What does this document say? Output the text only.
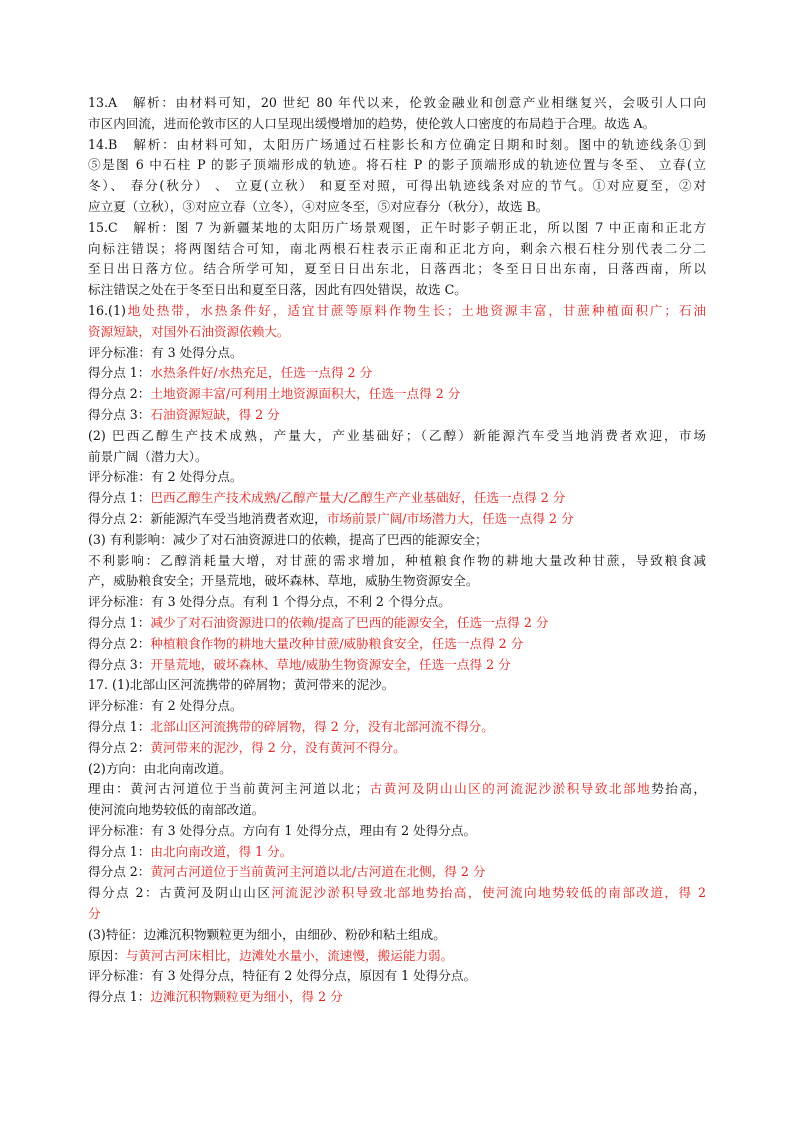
13.A　解析：由材料可知，20 世纪 80 年代以来，伦敦金融业和创意产业相继复兴，会吸引人口向
市区内回流，进而伦敦市区的人口呈现出缓慢增加的趋势，使伦敦人口密度的布局趋于合理。故选 A。
14.B　解析：由材料可知，太阳历广场通过石柱影长和方位确定日期和时刻。图中的轨迹线条①到
⑤是图 6 中石柱 P 的影子顶端形成的轨迹。将石柱 P 的影子顶端形成的轨迹位置与冬至、 立春(立
冬）、 春分(秋分） 、 立夏(立秋） 和夏至对照，可得出轨迹线条对应的节气。①对应夏至，②对
应立夏（立秋），③对应立春（立冬），④对应冬至，⑤对应春分（秋分），故选 B。
15.C　解析：图 7 为新疆某地的太阳历广场景观图，正午时影子朝正北，所以图 7 中正南和正北方
向标注错误；将两图结合可知，南北两根石柱表示正南和正北方向，剩余六根石柱分别代表二分二
至日出日落方位。结合所学可知，夏至日日出东北，日落西北；冬至日日出东南，日落西南，所以
标注错误之处在于冬至日出和夏至日落，因此有四处错误，故选 C。
16.(1)地处热带，水热条件好，适宜甘蔗等原料作物生长；土地资源丰富，甘蔗种植面积广；石油
资源短缺，对国外石油资源依赖大。
评分标准：有 3 处得分点。
得分点 1：水热条件好/水热充足，任选一点得 2 分
得分点 2：土地资源丰富/可利用土地资源面积大，任选一点得 2 分
得分点 3：石油资源短缺，得 2 分
(2) 巴西乙醇生产技术成熟，产量大，产业基础好；（乙醇）新能源汽车受当地消费者欢迎，市场
前景广阔（潜力大）。
评分标准：有 2 处得分点。
得分点 1：巴西乙醇生产技术成熟/乙醇产量大/乙醇生产产业基础好，任选一点得 2 分
得分点 2：新能源汽车受当地消费者欢迎，市场前景广阔/市场潜力大，任选一点得 2 分
(3) 有利影响：减少了对石油资源进口的依赖，提高了巴西的能源安全；
不利影响：乙醇消耗量大增，对甘蔗的需求增加，种植粮食作物的耕地大量改种甘蔗，导致粮食减
产，威胁粮食安全；开垦荒地，破坏森林、草地，威胁生物资源安全。
评分标准：有 3 处得分点。有利 1 个得分点，不利 2 个得分点。
得分点 1：减少了对石油资源进口的依赖/提高了巴西的能源安全，任选一点得 2 分
得分点 2：种植粮食作物的耕地大量改种甘蔗/威胁粮食安全，任选一点得 2 分
得分点 3：开垦荒地，破坏森林、草地/威胁生物资源安全，任选一点得 2 分
17. (1)北部山区河流携带的碎屑物；黄河带来的泥沙。
评分标准：有 2 处得分点。
得分点 1：北部山区河流携带的碎屑物，得 2 分，没有北部河流不得分。
得分点 2：黄河带来的泥沙，得 2 分，没有黄河不得分。
(2)方向：由北向南改道。
理由：黄河古河道位于当前黄河主河道以北；古黄河及阴山山区的河流泥沙淤积导致北部地势抬高，
使河流向地势较低的南部改道。
评分标准：有 3 处得分点。方向有 1 处得分点，理由有 2 处得分点。
得分点 1：由北向南改道，得 1 分。
得分点 2：黄河古河道位于当前黄河主河道以北/古河道在北侧，得 2 分
得分点 2：古黄河及阴山山区河流泥沙淤积导致北部地势抬高，使河流向地势较低的南部改道，得 2
分
(3)特征：边滩沉积物颗粒更为细小，由细砂、粉砂和粘土组成。
原因：与黄河古河床相比，边滩处水量小，流速慢，搬运能力弱。
评分标准：有 3 处得分点，特征有 2 处得分点，原因有 1 处得分点。
得分点 1：边滩沉积物颗粒更为细小，得 2 分
